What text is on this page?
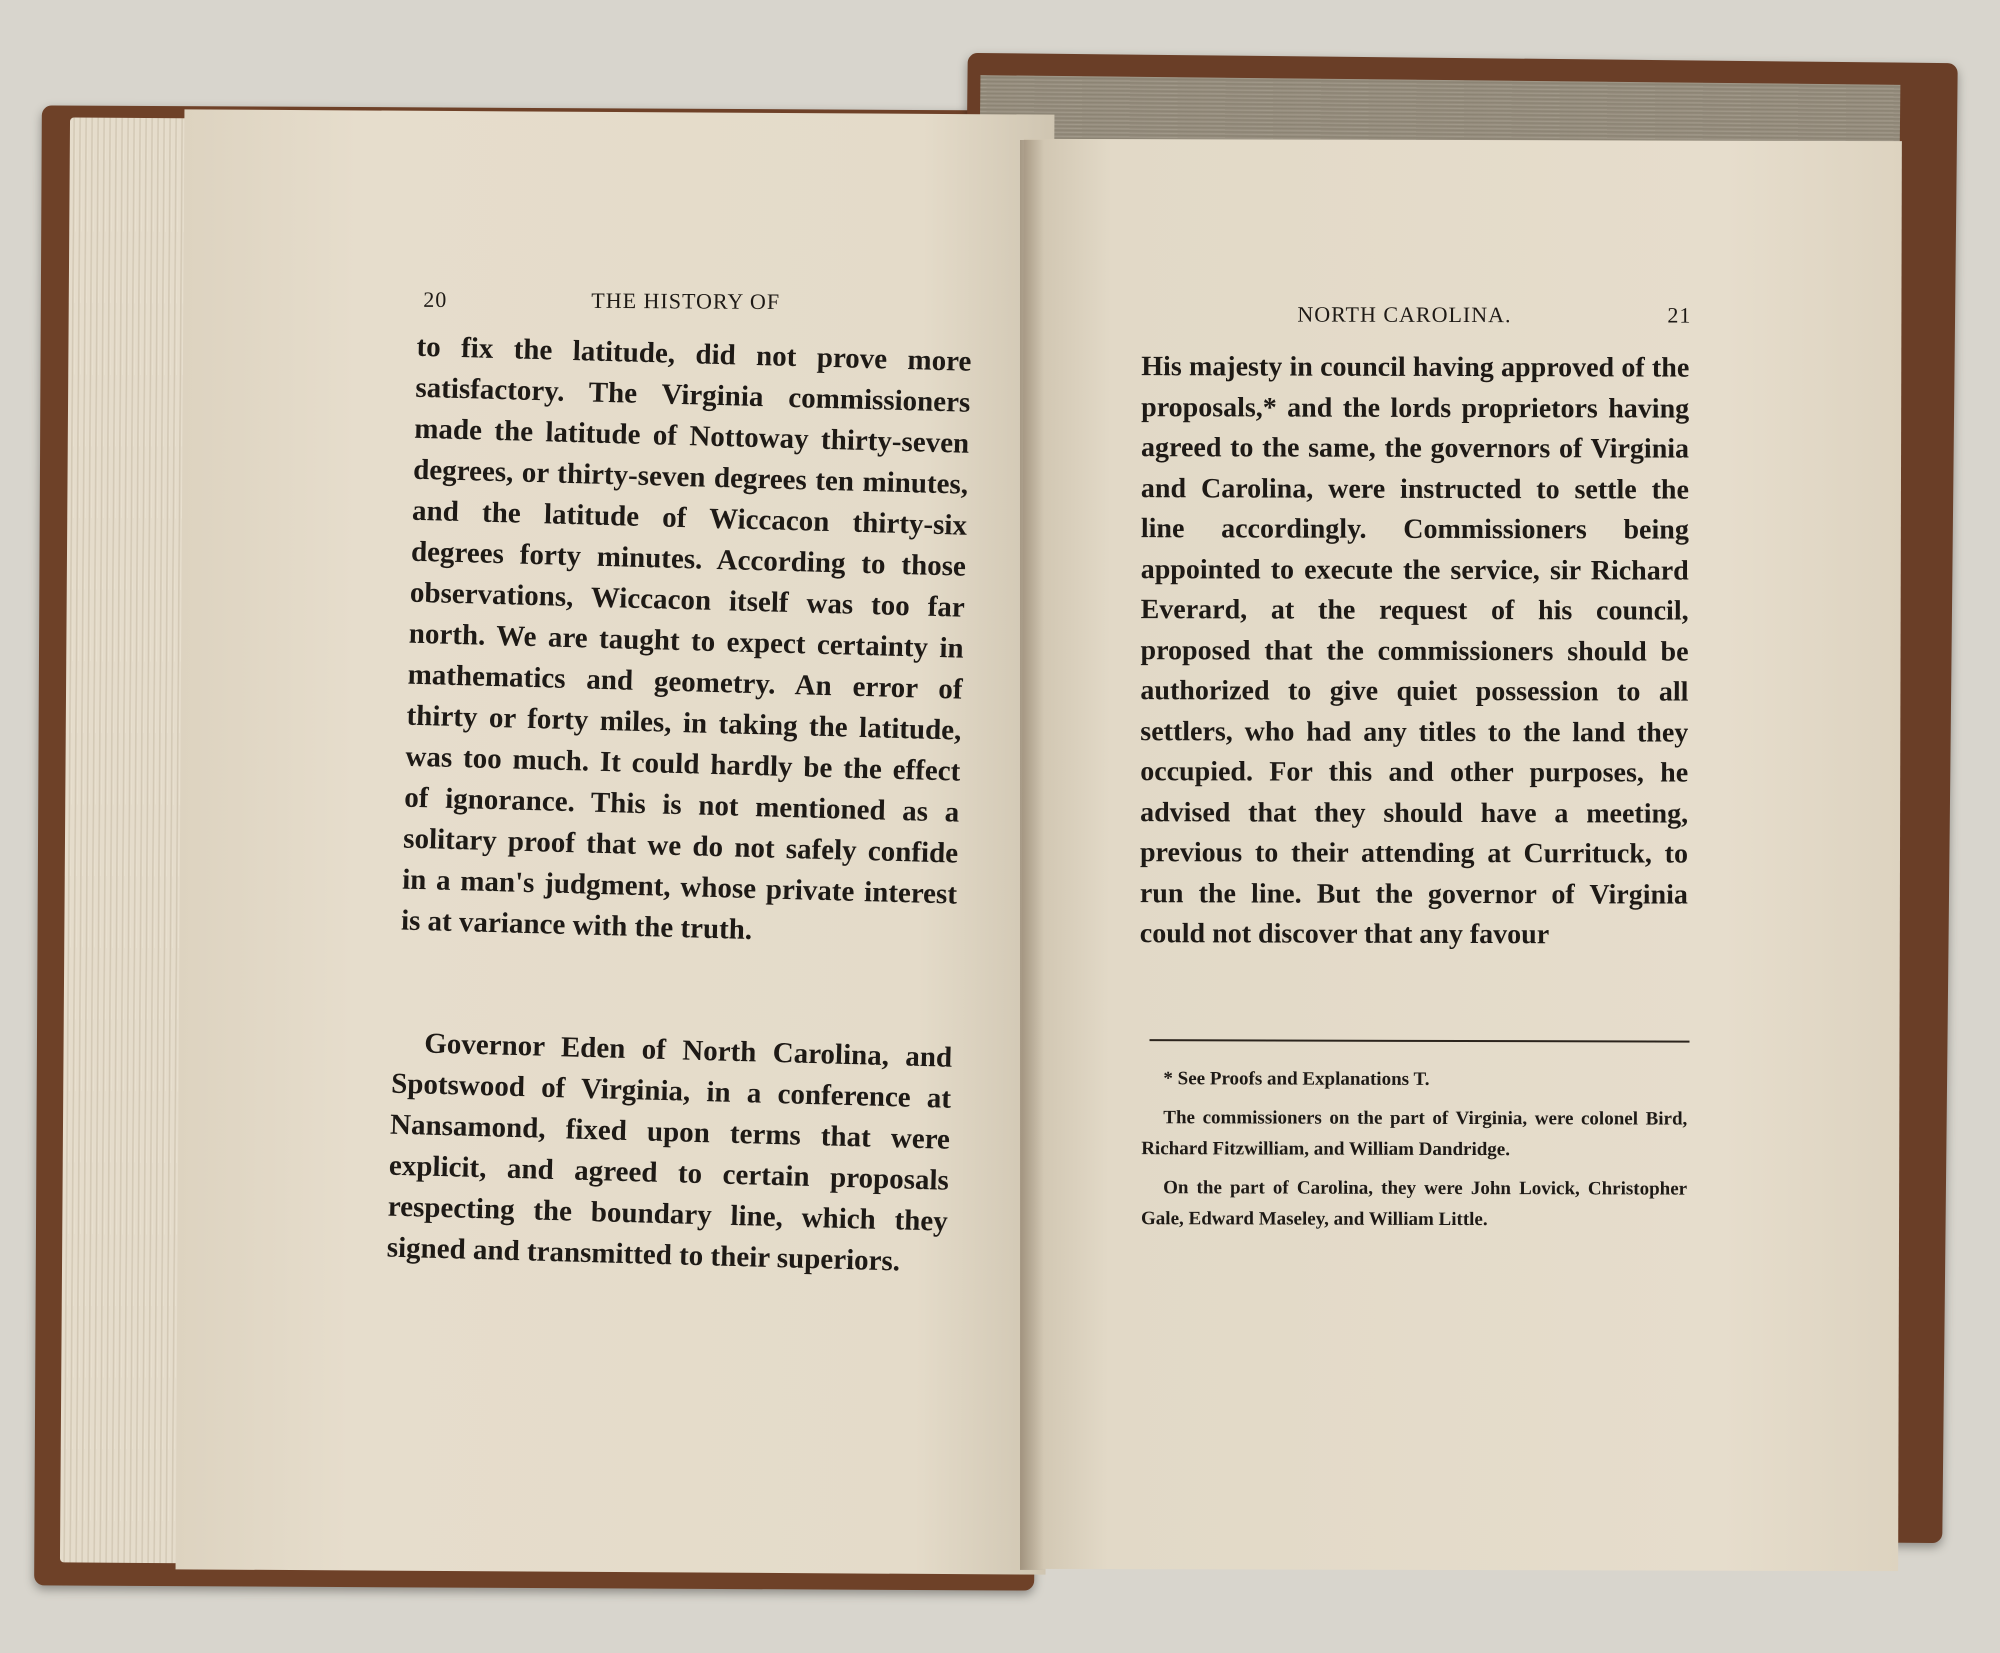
20	THE HISTORY OF
to fix the latitude, did not prove more satisfactory. The Virginia commissioners made the latitude of Nottoway thirty-seven degrees, or thirty-seven degrees ten minutes, and the latitude of Wiccacon thirty-six degrees forty minutes. According to those observations, Wiccacon itself was too far north. We are taught to expect certainty in mathematics and geometry. An error of thirty or forty miles, in taking the latitude, was too much. It could hardly be the effect of ignorance. This is not mentioned as a solitary proof that we do not safely confide in a man's judgment, whose private interest is at variance with the truth.
Governor Eden of North Carolina, and Spotswood of Virginia, in a conference at Nansamond, fixed upon terms that were explicit, and agreed to certain proposals respecting the boundary line, which they signed and transmitted to their superiors.
NORTH CAROLINA.	21
His majesty in council having approved of the proposals,* and the lords proprietors having agreed to the same, the governors of Virginia and Carolina, were instructed to settle the line accordingly. Commissioners being appointed to execute the service, sir Richard Everard, at the request of his council, proposed that the commissioners should be authorized to give quiet possession to all settlers, who had any titles to the land they occupied. For this and other purposes, he advised that they should have a meeting, previous to their attending at Currituck, to run the line. But the governor of Virginia could not discover that any favour

* See Proofs and Explanations T.

The commissioners on the part of Virginia, were colonel Bird, Richard Fitzwilliam, and William Dandridge.

On the part of Carolina, they were John Lovick, Christopher Gale, Edward Maseley, and William Little.
